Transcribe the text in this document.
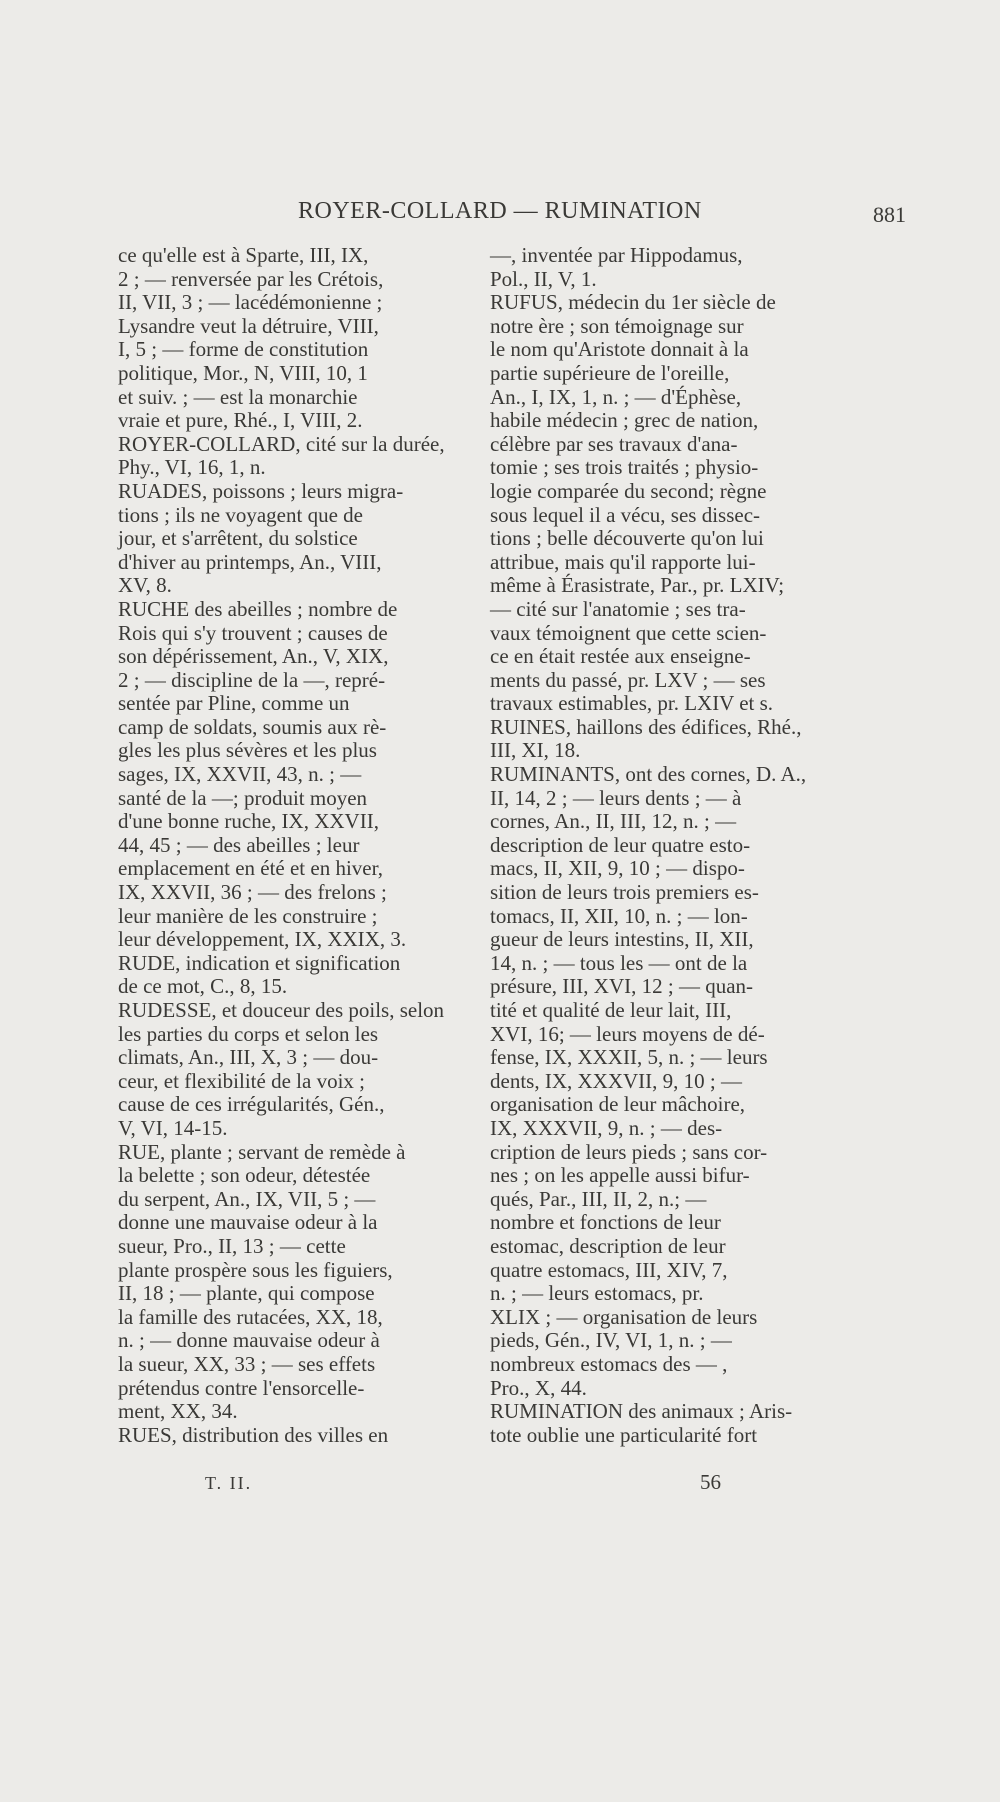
ROYER-COLLARD — RUMINATION	881
ce qu'elle est à Sparte, III, IX,
2 ; — renversée par les Crétois,
II, VII, 3 ; — lacédémonienne ;
Lysandre veut la détruire, VIII,
I, 5 ; — forme de constitution
politique, Mor., N, VIII, 10, 1
et suiv. ; — est la monarchie
vraie et pure, Rhé., I, VIII, 2.
ROYER-COLLARD, cité sur la durée,
Phy., VI, 16, 1, n.
RUADES, poissons ; leurs migra-
tions ; ils ne voyagent que de
jour, et s'arrêtent, du solstice
d'hiver au printemps, An., VIII,
XV, 8.
RUCHE des abeilles ; nombre de
Rois qui s'y trouvent ; causes de
son dépérissement, An., V, XIX,
2 ; — discipline de la —, repré-
sentée par Pline, comme un
camp de soldats, soumis aux rè-
gles les plus sévères et les plus
sages, IX, XXVII, 43, n. ; —
santé de la —; produit moyen
d'une bonne ruche, IX, XXVII,
44, 45 ; — des abeilles ; leur
emplacement en été et en hiver,
IX, XXVII, 36 ; — des frelons ;
leur manière de les construire ;
leur développement, IX, XXIX, 3.
RUDE, indication et signification
de ce mot, C., 8, 15.
RUDESSE, et douceur des poils, selon
les parties du corps et selon les
climats, An., III, X, 3 ; — dou-
ceur, et flexibilité de la voix ;
cause de ces irrégularités, Gén.,
V, VI, 14-15.
RUE, plante ; servant de remède à
la belette ; son odeur, détestée
du serpent, An., IX, VII, 5 ; —
donne une mauvaise odeur à la
sueur, Pro., II, 13 ; — cette
plante prospère sous les figuiers,
II, 18 ; — plante, qui compose
la famille des rutacées, XX, 18,
n. ; — donne mauvaise odeur à
la sueur, XX, 33 ; — ses effets
prétendus contre l'ensorcelle-
ment, XX, 34.
RUES, distribution des villes en
—, inventée par Hippodamus,
Pol., II, V, 1.
RUFUS, médecin du 1er siècle de
notre ère ; son témoignage sur
le nom qu'Aristote donnait à la
partie supérieure de l'oreille,
An., I, IX, 1, n. ; — d'Éphèse,
habile médecin ; grec de nation,
célèbre par ses travaux d'ana-
tomie ; ses trois traités ; physio-
logie comparée du second; règne
sous lequel il a vécu, ses dissec-
tions ; belle découverte qu'on lui
attribue, mais qu'il rapporte lui-
même à Érasistrate, Par., pr. LXIV;
— cité sur l'anatomie ; ses tra-
vaux témoignent que cette scien-
ce en était restée aux enseigne-
ments du passé, pr. LXV ; — ses
travaux estimables, pr. LXIV et s.
RUINES, haillons des édifices, Rhé.,
III, XI, 18.
RUMINANTS, ont des cornes, D. A.,
II, 14, 2 ; — leurs dents ; — à
cornes, An., II, III, 12, n. ; —
description de leur quatre esto-
macs, II, XII, 9, 10 ; — dispo-
sition de leurs trois premiers es-
tomacs, II, XII, 10, n. ; — lon-
gueur de leurs intestins, II, XII,
14, n. ; — tous les — ont de la
présure, III, XVI, 12 ; — quan-
tité et qualité de leur lait, III,
XVI, 16; — leurs moyens de dé-
fense, IX, XXXII, 5, n. ; — leurs
dents, IX, XXXVII, 9, 10 ; —
organisation de leur mâchoire,
IX, XXXVII, 9, n. ; — des-
cription de leurs pieds ; sans cor-
nes ; on les appelle aussi bifur-
qués, Par., III, II, 2, n.; —
nombre et fonctions de leur
estomac, description de leur
quatre estomacs, III, XIV, 7,
n. ; — leurs estomacs, pr.
XLIX ; — organisation de leurs
pieds, Gén., IV, VI, 1, n. ; —
nombreux estomacs des — ,
Pro., X, 44.
RUMINATION des animaux ; Aris-
tote oublie une particularité fort
T. II.	56
